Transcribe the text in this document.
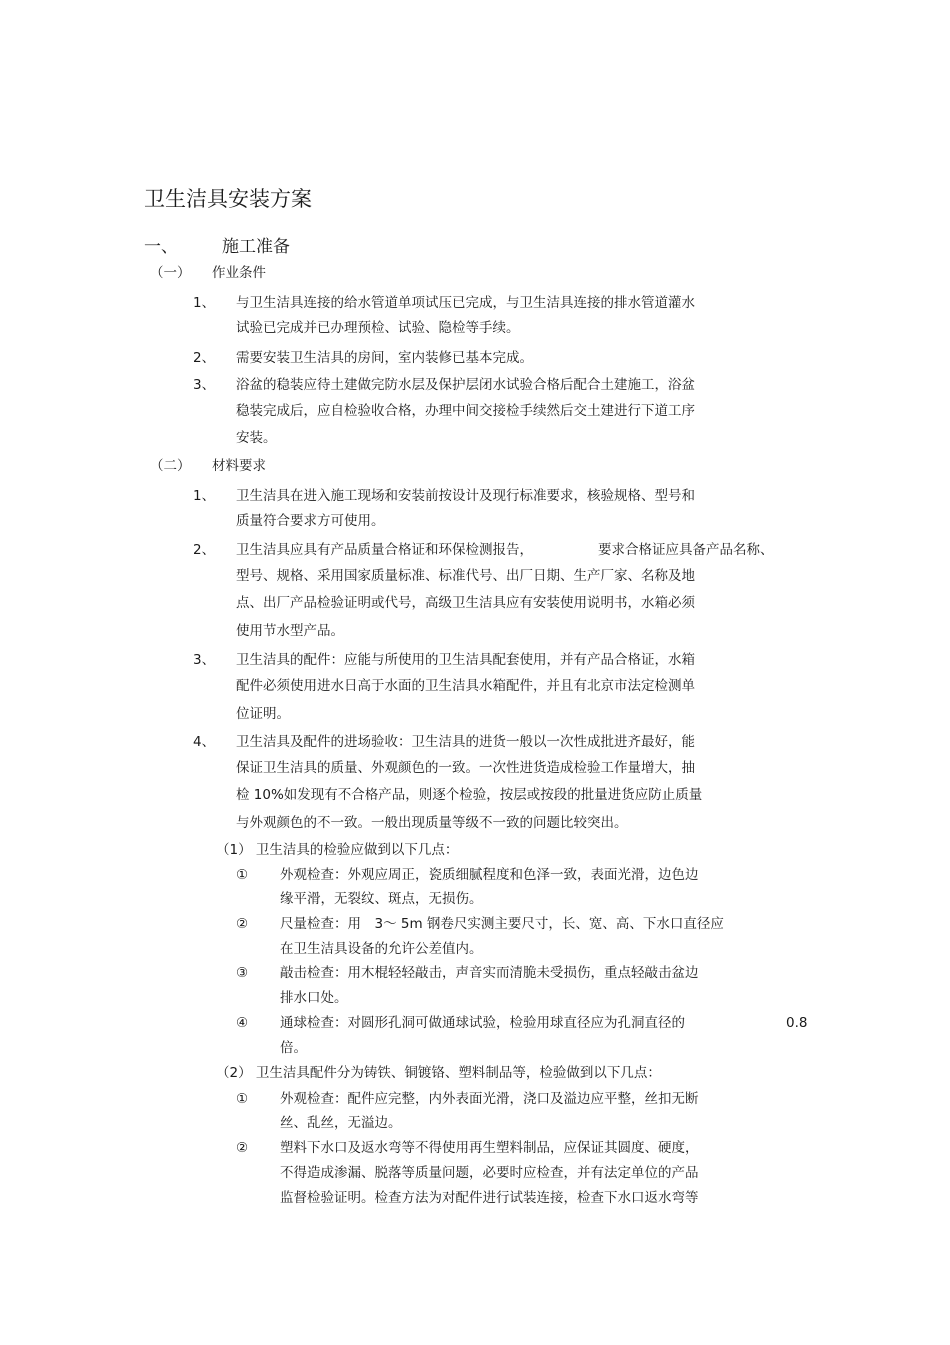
卫生洁具安装方案
一、	施工准备
（一） 作业条件
1、 与卫生洁具连接的给水管道单项试压已完成，与卫生洁具连接的排水管道灌水
试验已完成并已办理预检、试验、隐检等手续。
2、 需要安装卫生洁具的房间，室内装修已基本完成。
3、 浴盆的稳装应待土建做完防水层及保护层闭水试验合格后配合土建施工，浴盆
稳装完成后，应自检验收合格，办理中间交接检手续然后交土建进行下道工序
安装。
（二） 材料要求
1、 卫生洁具在进入施工现场和安装前按设计及现行标准要求，核验规格、型号和
质量符合要求方可使用。
2、 卫生洁具应具有产品质量合格证和环保检测报告，	要求合格证应具备产品名称、
型号、规格、采用国家质量标准、标准代号、出厂日期、生产厂家、名称及地
点、出厂产品检验证明或代号，高级卫生洁具应有安装使用说明书，水箱必须
使用节水型产品。
3、 卫生洁具的配件：应能与所使用的卫生洁具配套使用，并有产品合格证，水箱
配件必须使用进水日高于水面的卫生洁具水箱配件，并且有北京市法定检测单
位证明。
4、 卫生洁具及配件的进场验收：卫生洁具的进货一般以一次性成批进齐最好，能
保证卫生洁具的质量、外观颜色的一致。一次性进货造成检验工作量增大，抽
检 10%如发现有不合格产品，则逐个检验，按层或按段的批量进货应防止质量
与外观颜色的不一致。一般出现质量等级不一致的问题比较突出。
（1） 卫生洁具的检验应做到以下几点：
① 外观检查：外观应周正，瓷质细腻程度和色泽一致，表面光滑，边色边
缘平滑，无裂纹、斑点，无损伤。
② 尺量检查：用　3～ 5m 钢卷尺实测主要尺寸，长、宽、高、下水口直径应
在卫生洁具设备的允许公差值内。
③ 敲击检查：用木棍轻轻敲击，声音实而清脆未受损伤，重点轻敲击盆边
排水口处。
④ 通球检查：对圆形孔洞可做通球试验，检验用球直径应为孔洞直径的	0.8
倍。
（2） 卫生洁具配件分为铸铁、铜镀铬、塑料制品等，检验做到以下几点：
① 外观检查：配件应完整，内外表面光滑，浇口及溢边应平整，丝扣无断
丝、乱丝，无溢边。
② 塑料下水口及返水弯等不得使用再生塑料制品，应保证其圆度、硬度，
不得造成渗漏、脱落等质量问题，必要时应检查，并有法定单位的产品
监督检验证明。检查方法为对配件进行试装连接，检查下水口返水弯等
